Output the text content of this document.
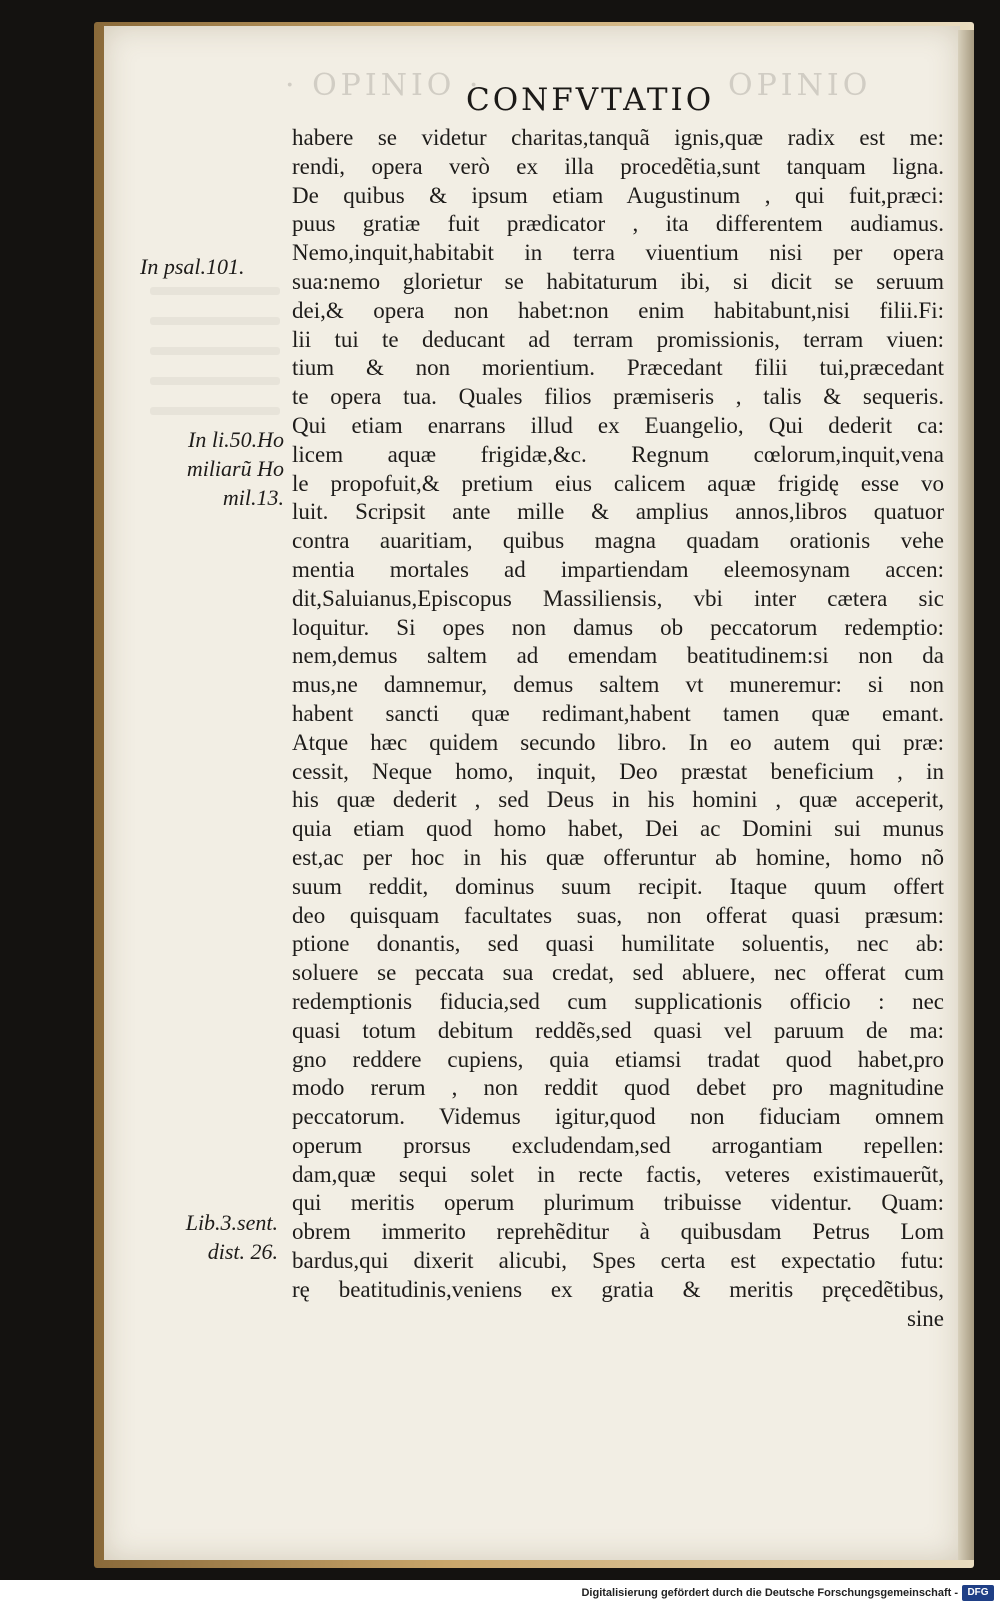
· OPINIO ·	OPINIO
CONFVTATIO
In psal.101.
In li.50.Ho
miliarũ Ho
mil.13.
Lib.3.sent.
dist. 26.
habere se videtur charitas,tanquã ignis,quæ radix est me:
rendi, opera verò ex illa procedẽtia,sunt tanquam ligna.
De quibus & ipsum etiam Augustinum , qui fuit,præci:
puus gratiæ fuit prædicator , ita differentem audiamus.
Nemo,inquit,habitabit in terra viuentium nisi per opera
sua:nemo glorietur se habitaturum ibi, si dicit se seruum
dei,& opera non habet:non enim habitabunt,nisi filii.Fi:
lii tui te deducant ad terram promissionis, terram viuen:
tium & non morientium. Præcedant filii tui,præcedant
te opera tua. Quales filios præmiseris , talis & sequeris.
Qui etiam enarrans illud ex Euangelio, Qui dederit ca:
licem aquæ frigidæ,&c. Regnum cœlorum,inquit,vena
le propofuit,& pretium eius calicem aquæ frigidę esse vo
luit. Scripsit ante mille & amplius annos,libros quatuor
contra auaritiam, quibus magna quadam orationis vehe
mentia mortales ad impartiendam eleemosynam accen:
dit,Saluianus,Episcopus Massiliensis, vbi inter cætera sic
loquitur. Si opes non damus ob peccatorum redemptio:
nem,demus saltem ad emendam beatitudinem:si non da
mus,ne damnemur, demus saltem vt muneremur: si non
habent sancti quæ redimant,habent tamen quæ emant.
Atque hæc quidem secundo libro. In eo autem qui præ:
cessit, Neque homo, inquit, Deo præstat beneficium , in
his quæ dederit , sed Deus in his homini , quæ acceperit,
quia etiam quod homo habet, Dei ac Domini sui munus
est,ac per hoc in his quæ offeruntur ab homine, homo nõ
suum reddit, dominus suum recipit. Itaque quum offert
deo quisquam facultates suas, non offerat quasi præsum:
ptione donantis, sed quasi humilitate soluentis, nec ab:
soluere se peccata sua credat, sed abluere, nec offerat cum
redemptionis fiducia,sed cum supplicationis officio : nec
quasi totum debitum reddẽs,sed quasi vel paruum de ma:
gno reddere cupiens, quia etiamsi tradat quod habet,pro
modo rerum , non reddit quod debet pro magnitudine
peccatorum. Videmus igitur,quod non fiduciam omnem
operum prorsus excludendam,sed arrogantiam repellen:
dam,quæ sequi solet in recte factis, veteres existimauerũt,
qui meritis operum plurimum tribuisse videntur. Quam:
obrem immerito reprehẽditur à quibusdam Petrus Lom
bardus,qui dixerit alicubi, Spes certa est expectatio futu:
rę beatitudinis,veniens ex gratia & meritis pręcedẽtibus,
sine
Digitalisierung gefördert durch die Deutsche Forschungsgemeinschaft - DFG
